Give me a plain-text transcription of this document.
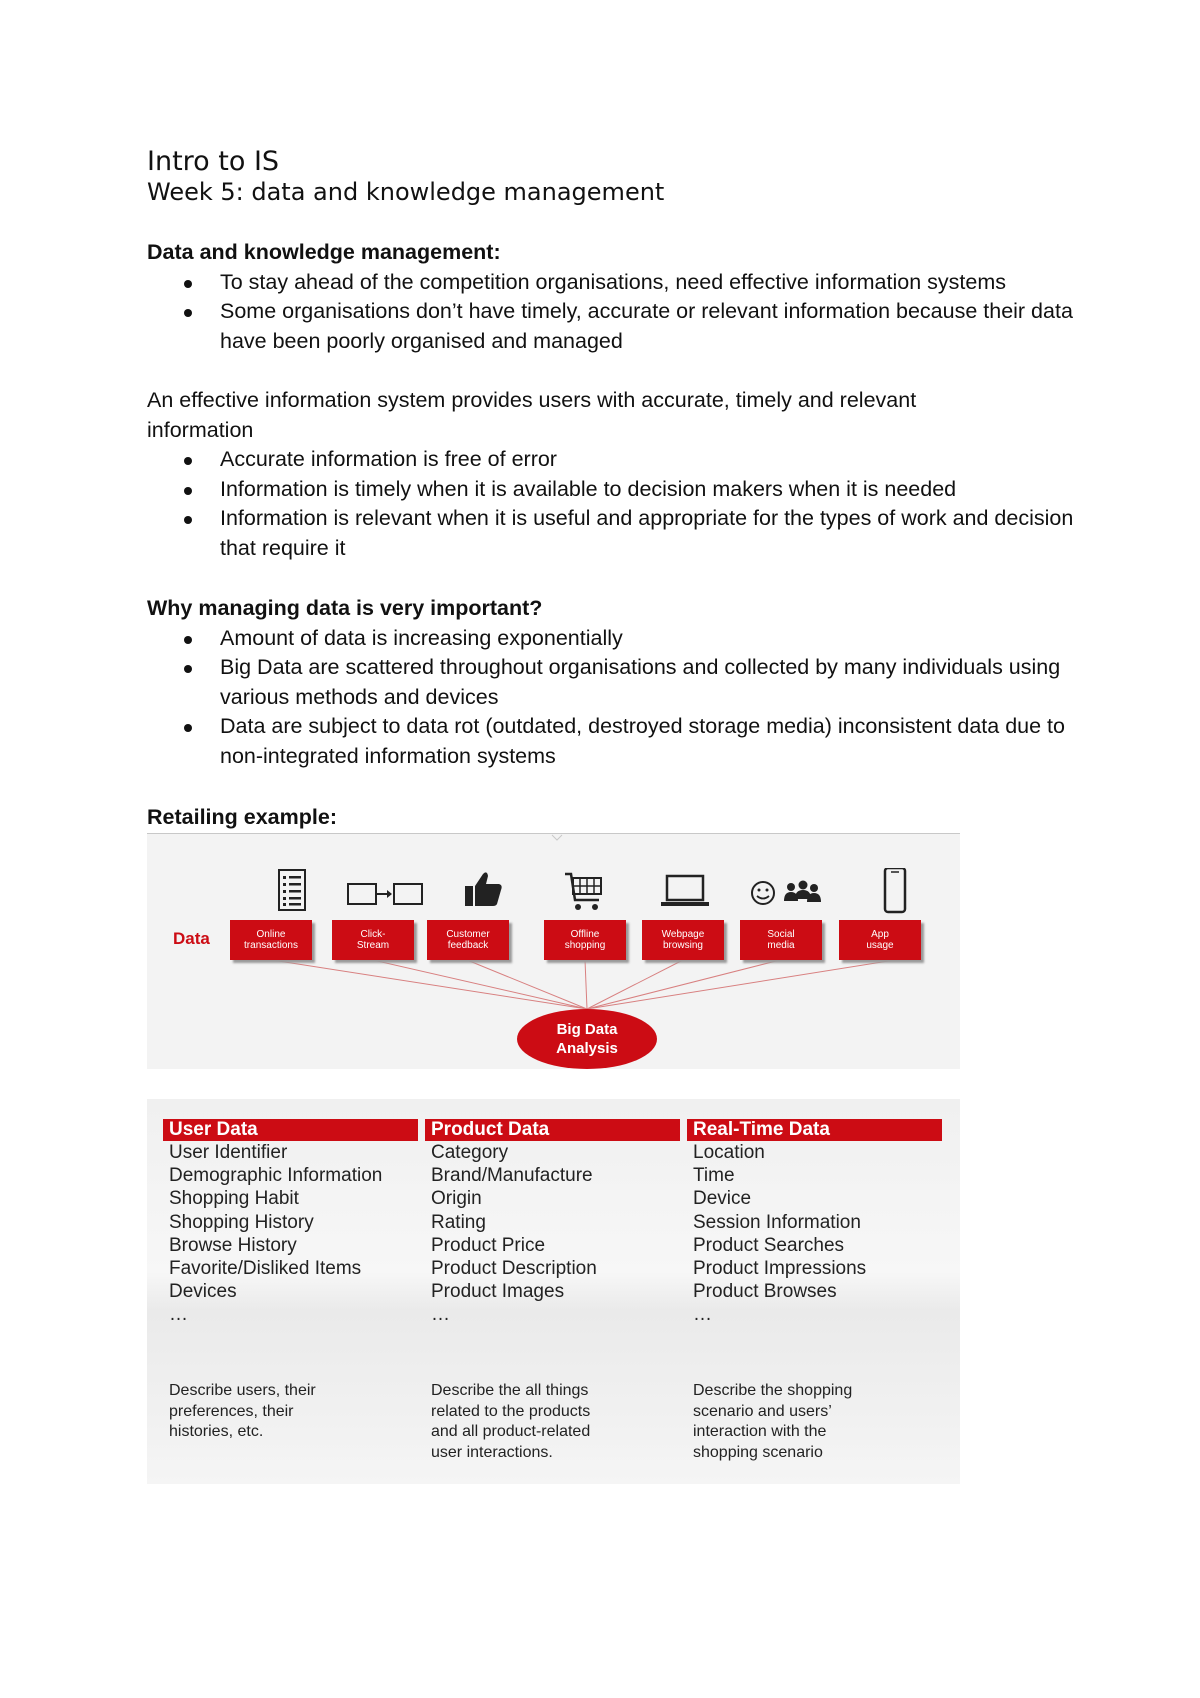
Intro to IS
Week 5: data and knowledge management
Data and knowledge management:
To stay ahead of the competition organisations, need effective information systems
Some organisations don’t have timely, accurate or relevant information because their data have been poorly organised and managed
An effective information system provides users with accurate, timely and relevant information
Accurate information is free of error
Information is timely when it is available to decision makers when it is needed
Information is relevant when it is useful and appropriate for the types of work and decision that require it
Why managing data is very important?
Amount of data is increasing exponentially
Big Data are scattered throughout organisations and collected by many individuals using various methods and devices
Data are subject to data rot (outdated, destroyed storage media) inconsistent data due to non-integrated information systems
Retailing example:
Data	Online
transactions
Click-
Stream
Customer
feedback
Offline
shopping
Webpage
browsing
Social
media
App
usage
Big Data
Analysis
User Data
User Identifier
Demographic Information
Shopping Habit
Shopping History
Browse History
Favorite/Disliked Items
Devices
…
Product Data
Category
Brand/Manufacture
Origin
Rating
Product Price
Product Description
Product Images
…
Real-Time Data
Location
Time
Device
Session Information
Product Searches
Product Impressions
Product Browses
…
Describe users, their
preferences, their
histories, etc.
Describe the all things
related to the products
and all product-related
user interactions.
Describe the shopping
scenario and users’
interaction with the
shopping scenario
